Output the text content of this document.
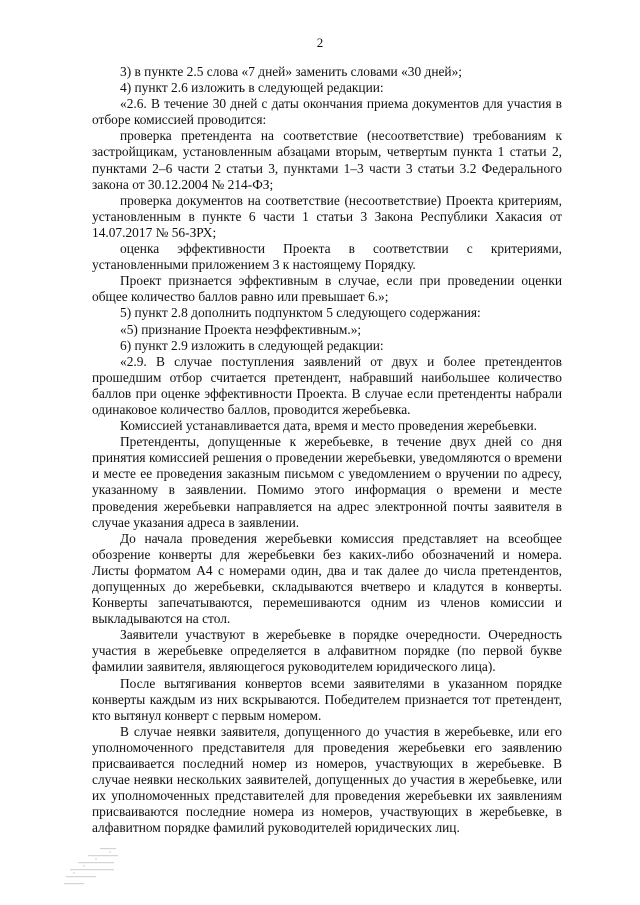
2

3) в пункте 2.5 слова «7 дней» заменить словами «30 дней»;

4) пункт 2.6 изложить в следующей редакции:

«2.6. В течение 30 дней с даты окончания приема документов для участия в отборе комиссией проводится:

проверка претендента на соответствие (несоответствие) требованиям к застройщикам, установленным абзацами вторым, четвертым пункта 1 статьи 2, пунктами 2–6 части 2 статьи 3, пунктами 1–3 части 3 статьи 3.2 Федерального закона от 30.12.2004 № 214-ФЗ;

проверка документов на соответствие (несоответствие) Проекта критериям, установленным в пункте 6 части 1 статьи 3 Закона Республики Хакасия от 14.07.2017 № 56-ЗРХ;

оценка эффективности Проекта в соответствии с критериями, установленными приложением 3 к настоящему Порядку.

Проект признается эффективным в случае, если при проведении оценки общее количество баллов равно или превышает 6.»;

5) пункт 2.8 дополнить подпунктом 5 следующего содержания:

«5) признание Проекта неэффективным.»;

6) пункт 2.9 изложить в следующей редакции:

«2.9. В случае поступления заявлений от двух и более претендентов прошедшим отбор считается претендент, набравший наибольшее количество баллов при оценке эффективности Проекта. В случае если претенденты набрали одинаковое количество баллов, проводится жеребьевка.

Комиссией устанавливается дата, время и место проведения жеребьевки.

Претенденты, допущенные к жеребьевке, в течение двух дней со дня принятия комиссией решения о проведении жеребьевки, уведомляются о времени и месте ее проведения заказным письмом с уведомлением о вручении по адресу, указанному в заявлении. Помимо этого информация о времени и месте проведения жеребьевки направляется на адрес электронной почты заявителя в случае указания адреса в заявлении.

До начала проведения жеребьевки комиссия представляет на всеобщее обозрение конверты для жеребьевки без каких-либо обозначений и номера. Листы форматом А4 с номерами один, два и так далее до числа претендентов, допущенных до жеребьевки, складываются вчетверо и кладутся в конверты. Конверты запечатываются, перемешиваются одним из членов комиссии и выкладываются на стол.

Заявители участвуют в жеребьевке в порядке очередности. Очередность участия в жеребьевке определяется в алфавитном порядке (по первой букве фамилии заявителя, являющегося руководителем юридического лица).

После вытягивания конвертов всеми заявителями в указанном порядке конверты каждым из них вскрываются. Победителем признается тот претендент, кто вытянул конверт с первым номером.

В случае неявки заявителя, допущенного до участия в жеребьевке, или его уполномоченного представителя для проведения жеребьевки его заявлению присваивается последний номер из номеров, участвующих в жеребьевке. В случае неявки нескольких заявителей, допущенных до участия в жеребьевке, или их уполномоченных представителей для проведения жеребьевки их заявлениям присваиваются последние номера из номеров, участвующих в жеребьевке, в алфавитном порядке фамилий руководителей юридических лиц.
